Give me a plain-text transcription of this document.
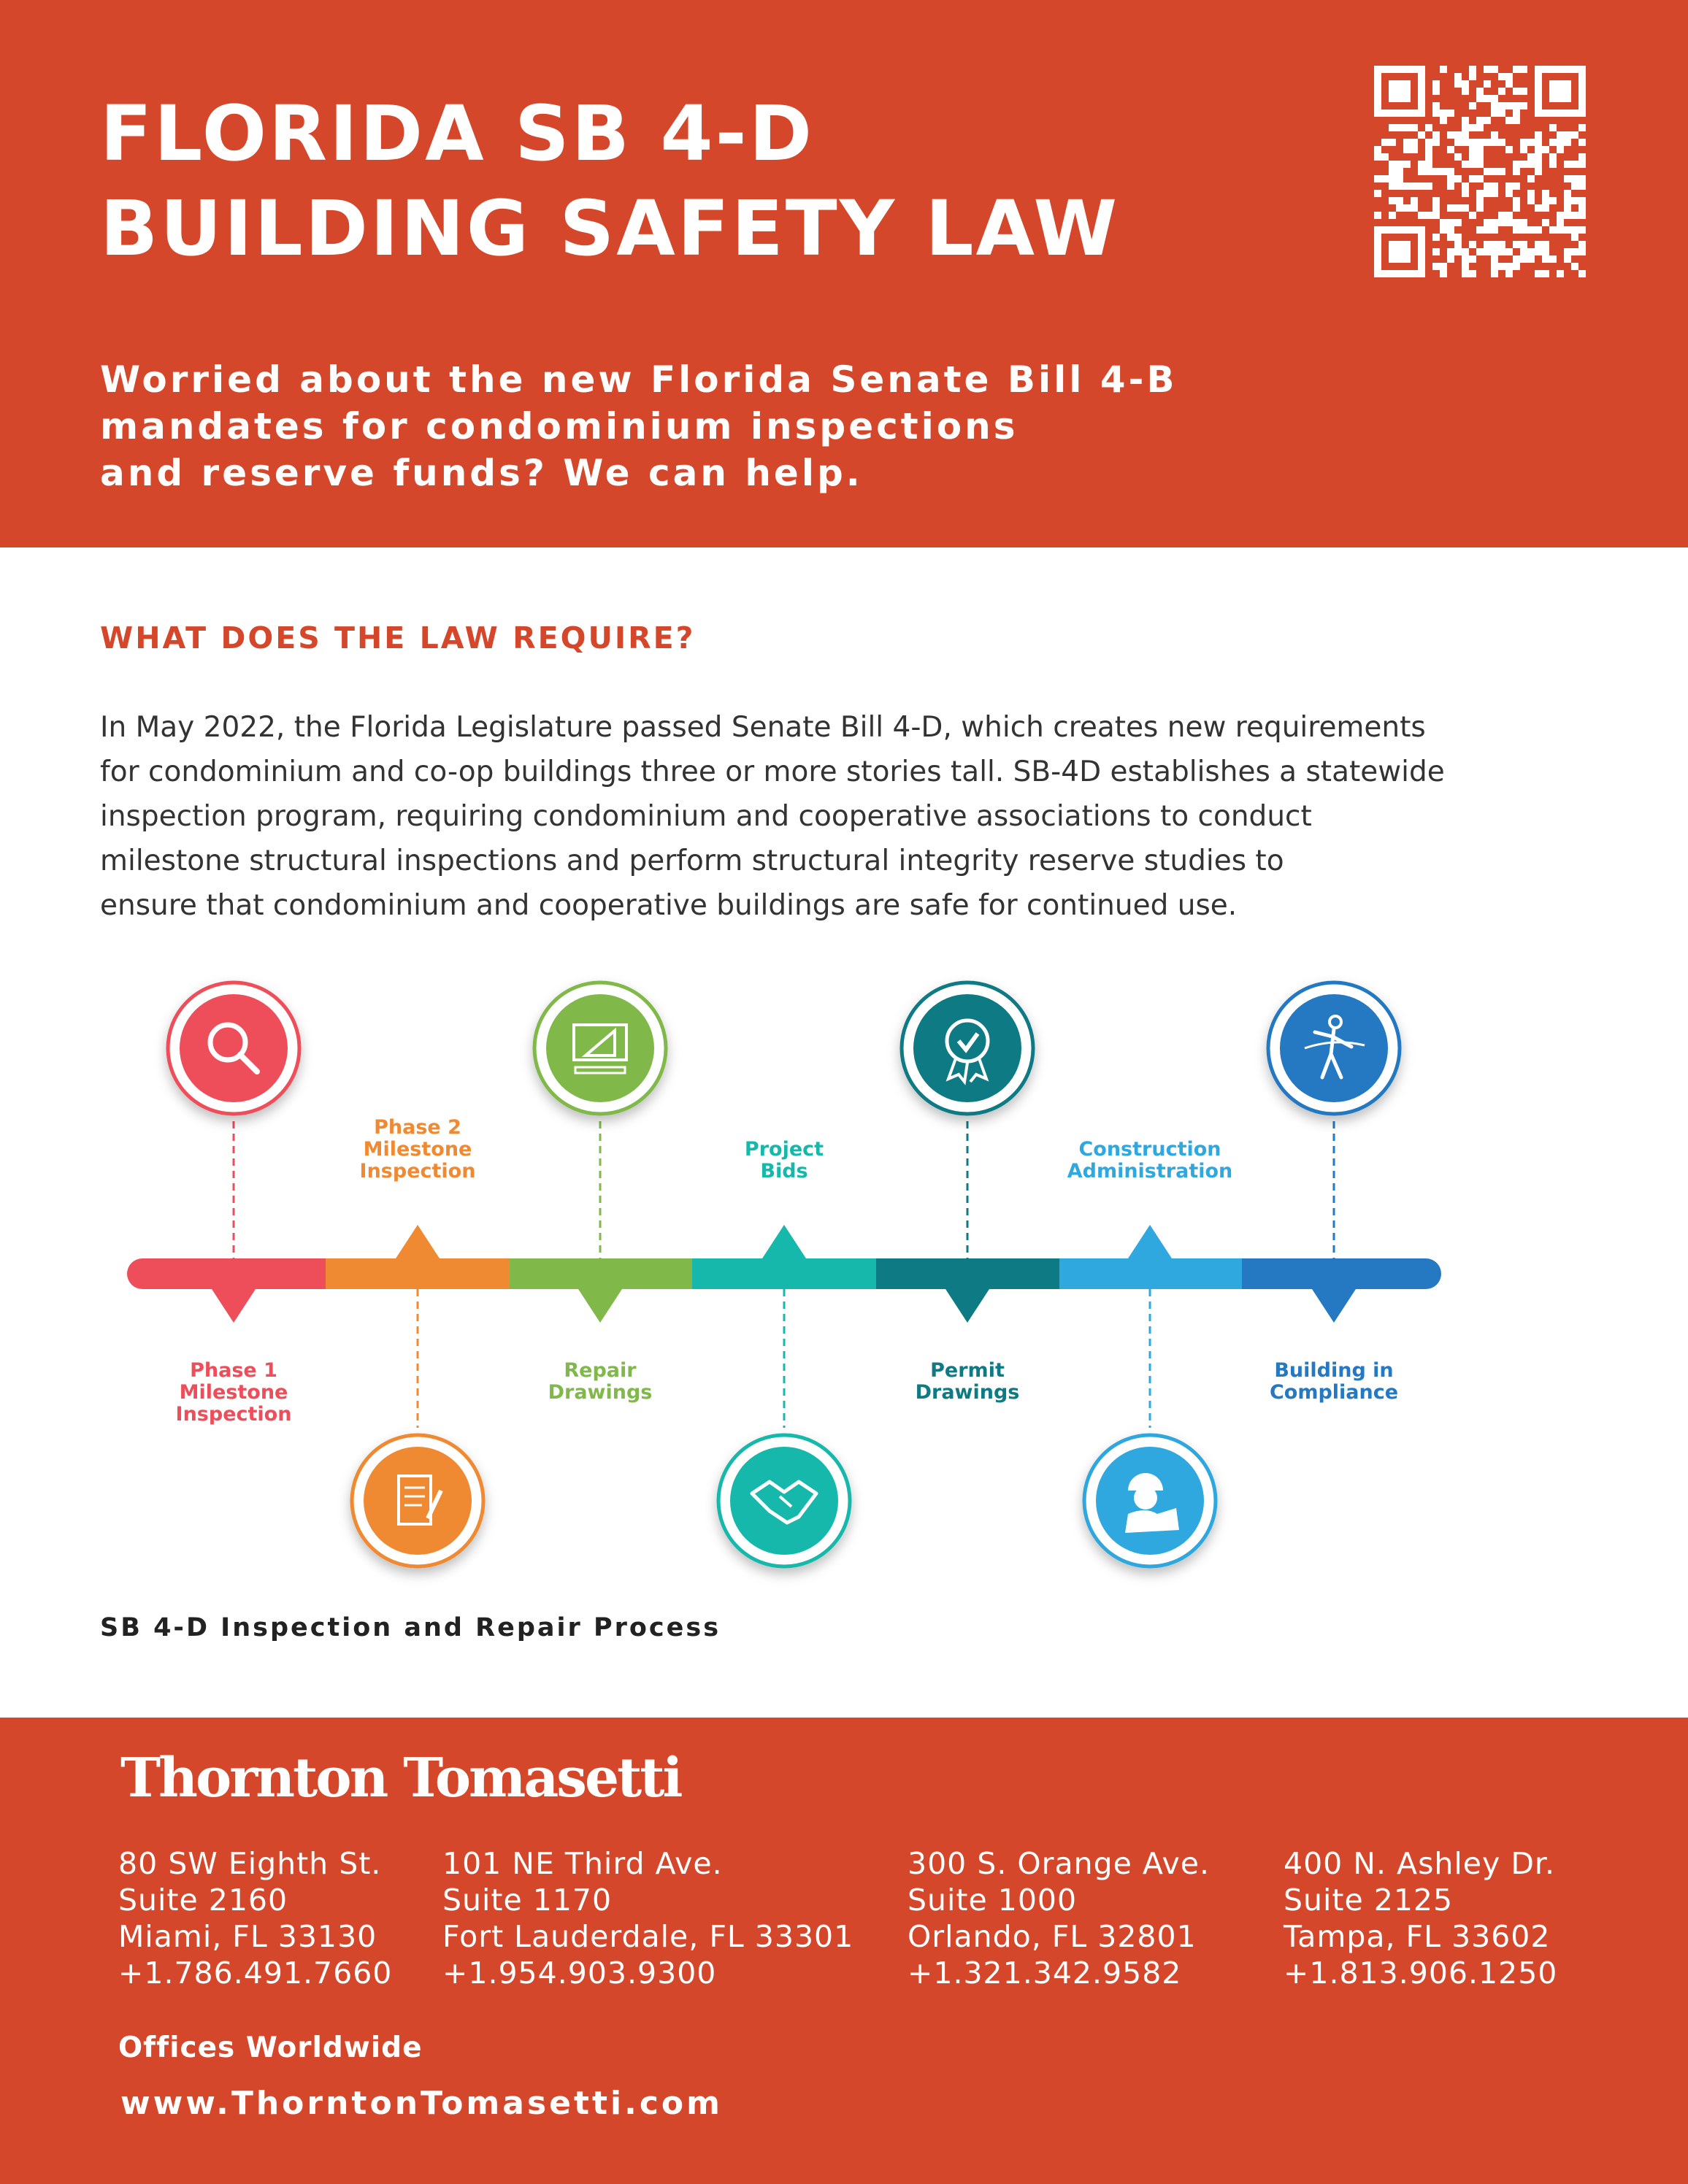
FLORIDA SB 4-D
BUILDING SAFETY LAW
Worried about the new Florida Senate Bill 4-B
mandates for condominium inspections
and reserve funds? We can help.
WHAT DOES THE LAW REQUIRE?
In May 2022, the Florida Legislature passed Senate Bill 4-D, which creates new requirements
for condominium and co-op buildings three or more stories tall. SB-4D establishes a statewide
inspection program, requiring condominium and cooperative associations to conduct
milestone structural inspections and perform structural integrity reserve studies to
ensure that condominium and cooperative buildings are safe for continued use.
Phase 1
Milestone
Inspection
Phase 2
Milestone
Inspection
Repair
Drawings
Project
Bids
Permit
Drawings
Construction
Administration
Building in
Compliance
SB 4-D Inspection and Repair Process
Thornton Tomasetti
80 SW Eighth St.
Suite 2160
Miami, FL 33130
+1.786.491.7660
101 NE Third Ave.
Suite 1170
Fort Lauderdale, FL 33301
+1.954.903.9300
300 S. Orange Ave.
Suite 1000
Orlando, FL 32801
+1.321.342.9582
400 N. Ashley Dr.
Suite 2125
Tampa, FL 33602
+1.813.906.1250
Offices Worldwide
www.ThorntonTomasetti.com
